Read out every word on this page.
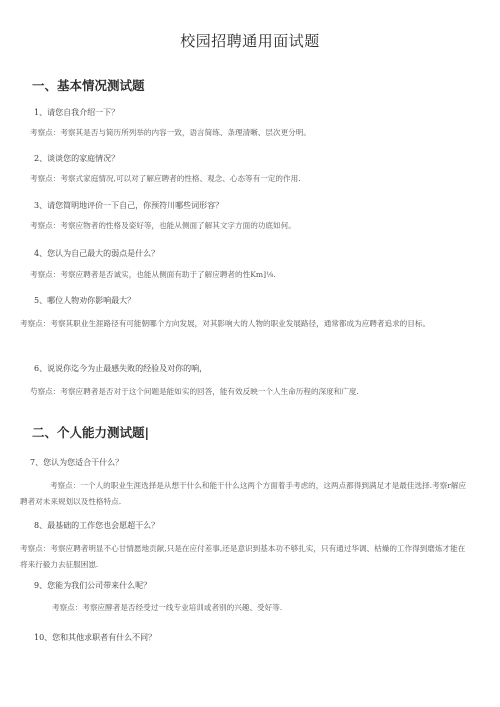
校园招聘通用面试题
一、基本情况测试题
1、请您自我介绍一下？
考察点：考察其是否与简历所列举的内容一致，语言简练、条理清晰、层次更分明。
2、谈谈您的家庭情况？
考察点：考察式家庭情况,可以对了解应聘者的性格、观念、心态等有一定的作用.
3、请您简明地评价一下自己，你预符川哪些词形容？
考察点：考察应物者的性格及姿好等，也能从侧面了解其文字方面的功底如何。
4、您认为自己最大的弱点是什么？
考察点：考察应聘者是否诚实，也能从侧面有助于了解应聘者的性Km]⅛.
5、哪位人物劝你影响最大？
考察点：考察其职业生涯路径有可能朝哪个方向发展，对其影响大的人物的职业发展路径，通常都成为应聘者追求的目标。
6、说说你迄今为止最感失败的经验及对你的响，
芍察点：考察应聘者是否对于这个问题是能如实的回答，能有效反映一个人生命历程的深度和广度.
二、个人能力测试题|
7、您认为您适合干什么？
考察点：一个人的职业生涯选择是从想干什么和能干什么这两个方面着手考虑的，这两点都得到满足才是最佳选择.考察r解应聘者对未来规划以及性格特点.
8、最基础的工作您也会愿超干么？
考察点：考察应聘者明显不心甘情愿地贡献,只是在应付差事,还是意识到基本功不够扎实，只有通过华调、枯燥的工作得到磨炼才能在将来行毅力去征服困崽.
9、您能为我们公司带来什么呢？
考察点：考察应酵者是否经受过一线专业培训或者别的兴趣、受好等.
10、您和其他求职者有什么不同？
